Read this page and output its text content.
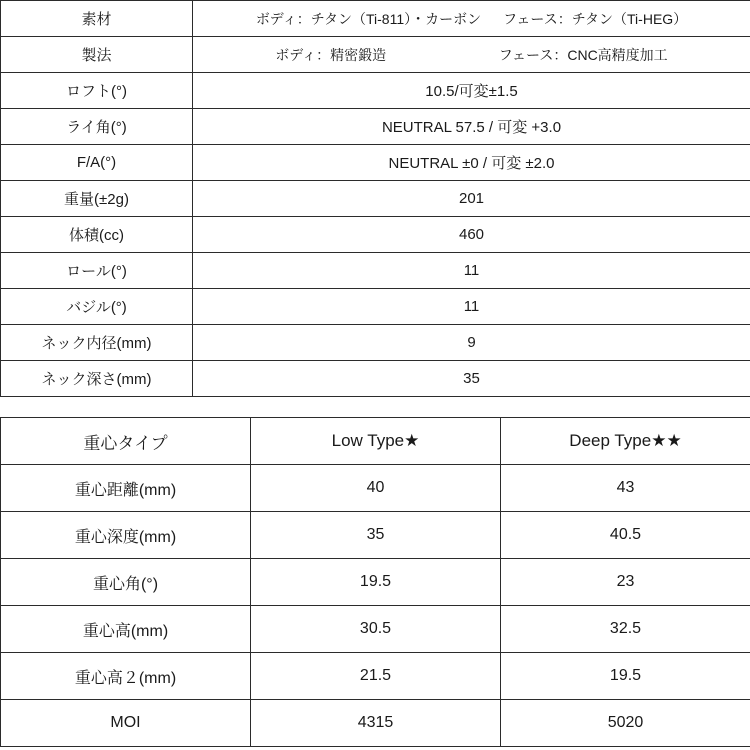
素材	ボディ：チタン（Ti-811）・カーボン フェース：チタン（Ti-HEG）

製法	ボディ：精密鍛造 フェース：CNC高精度加工

ロフト(°)	10.5/可変±1.5
ライ角(°)	NEUTRAL 57.5 / 可変 +3.0
F/A(°)	NEUTRAL ±0 / 可変 ±2.0
重量(±2g)	201
体積(cc)	460
ロール(°)	11
バジル(°)	11
ネック内径(mm)	9
ネック深さ(mm)	35
重心タイプ	Low Type★	Deep Type★★
重心距離(mm)	40	43
重心深度(mm)	35	40.5
重心角(°)	19.5	23
重心高(mm)	30.5	32.5
重心高２(mm)	21.5	19.5
MOI	4315	5020
